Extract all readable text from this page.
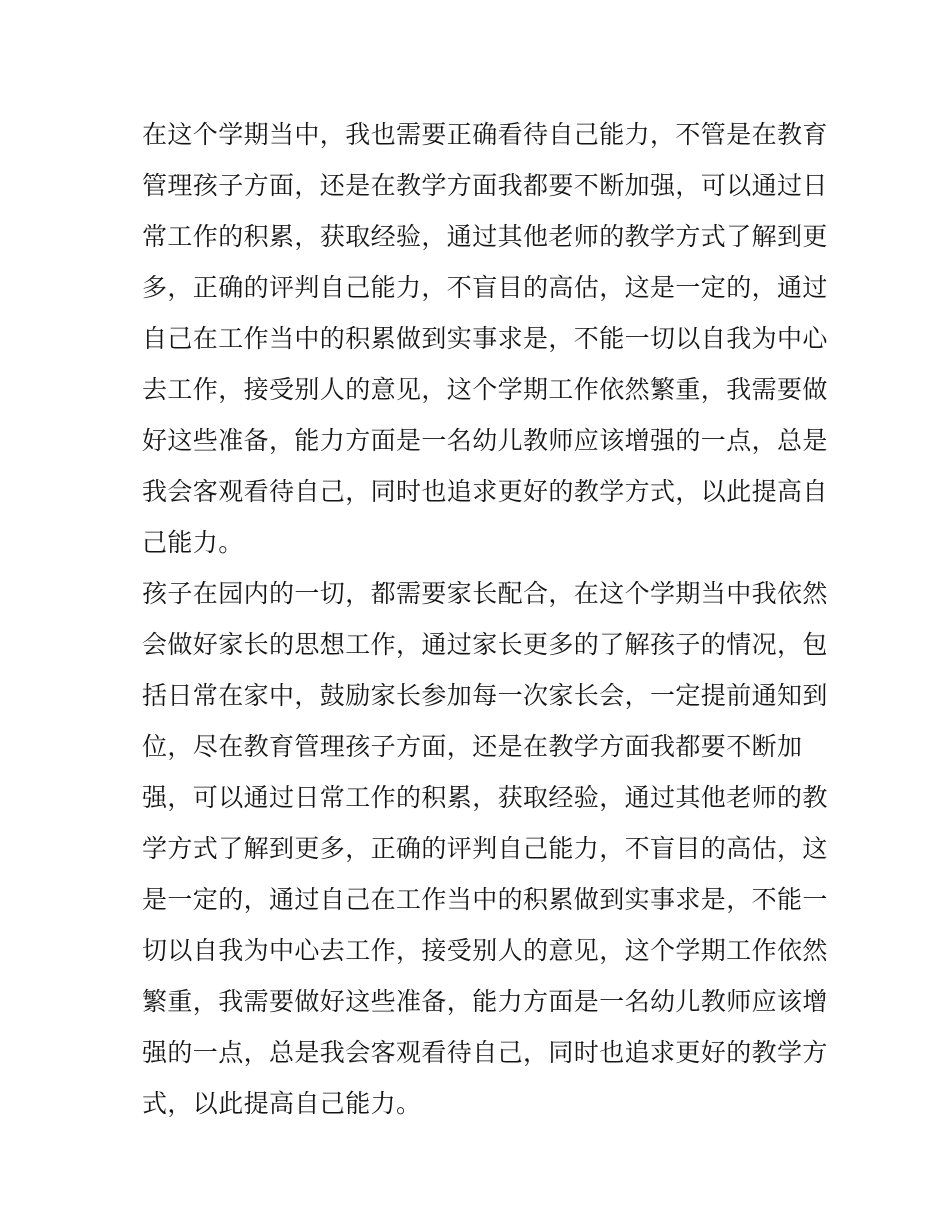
在这个学期当中，我也需要正确看待自己能力，不管是在教育
管理孩子方面，还是在教学方面我都要不断加强，可以通过日
常工作的积累，获取经验，通过其他老师的教学方式了解到更
多，正确的评判自己能力，不盲目的高估，这是一定的，通过
自己在工作当中的积累做到实事求是，不能一切以自我为中心
去工作，接受别人的意见，这个学期工作依然繁重，我需要做
好这些准备，能力方面是一名幼儿教师应该增强的一点，总是
我会客观看待自己，同时也追求更好的教学方式，以此提高自
己能力。
孩子在园内的一切，都需要家长配合，在这个学期当中我依然
会做好家长的思想工作，通过家长更多的了解孩子的情况，包
括日常在家中，鼓励家长参加每一次家长会，一定提前通知到
位，尽在教育管理孩子方面，还是在教学方面我都要不断加
强，可以通过日常工作的积累，获取经验，通过其他老师的教
学方式了解到更多，正确的评判自己能力，不盲目的高估，这
是一定的，通过自己在工作当中的积累做到实事求是，不能一
切以自我为中心去工作，接受别人的意见，这个学期工作依然
繁重，我需要做好这些准备，能力方面是一名幼儿教师应该增
强的一点，总是我会客观看待自己，同时也追求更好的教学方
式，以此提高自己能力。
